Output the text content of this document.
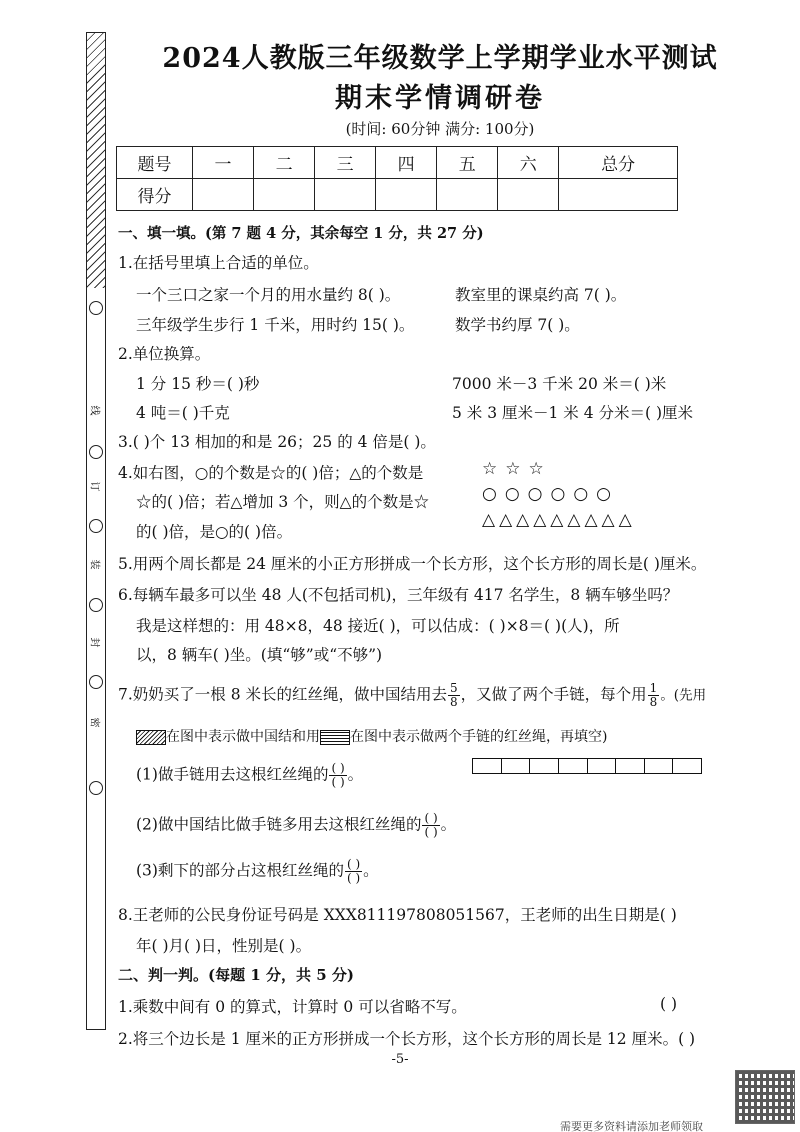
线
订
装
封
密
2024人教版三年级数学上学期学业水平测试
期末学情调研卷
(时间: 60分钟 满分: 100分)
题号	一	二	三	四	五	六	总分
得分							
一、填一填。(第 7 题 4 分，其余每空 1 分，共 27 分)
1.在括号里填上合适的单位。
一个三口之家一个月的用水量约 8( )。	教室里的课桌约高 7( )。
三年级学生步行 1 千米，用时约 15( )。	数学书约厚 7( )。
2.单位换算。
1 分 15 秒＝( )秒	7000 米－3 千米 20 米＝( )米
4 吨＝( )千克	5 米 3 厘米－1 米 4 分米＝( )厘米
3.( )个 13 相加的和是 26；25 的 4 倍是( )。
4.如右图，○的个数是☆的( )倍；△的个数是
☆的( )倍；若△增加 3 个，则△的个数是☆
的( )倍，是○的( )倍。
☆☆☆
○○○○○○
△△△△△△△△△
5.用两个周长都是 24 厘米的小正方形拼成一个长方形，这个长方形的周长是( )厘米。
6.每辆车最多可以坐 48 人(不包括司机)，三年级有 417 名学生，8 辆车够坐吗？
我是这样想的：用 48×8，48 接近( )，可以估成：( )×8＝( )(人)，所
以，8 辆车( )坐。(填“够”或“不够”)
7.奶奶买了一根 8 米长的红丝绳，做中国结用去 $\frac{5}{8}$ ，又做了两个手链，每个用 $\frac{1}{8}$ 。(先用
在图中表示做中国结和用 在图中表示做两个手链的红丝绳，再填空)
(1)做手链用去这根红丝绳的 $\frac{( )}{( )}$ 。
(2)做中国结比做手链多用去这根红丝绳的 $\frac{( )}{( )}$ 。
(3)剩下的部分占这根红丝绳的 $\frac{( )}{( )}$ 。
8.王老师的公民身份证号码是 XXX811197808051567，王老师的出生日期是( )
年( )月( )日，性别是( )。
二、判一判。(每题 1 分，共 5 分)
1.乘数中间有 0 的算式，计算时 0 可以省略不写。	( )
2.将三个边长是 1 厘米的正方形拼成一个长方形，这个长方形的周长是 12 厘米。( )
-5-
需要更多资料请添加老师领取
